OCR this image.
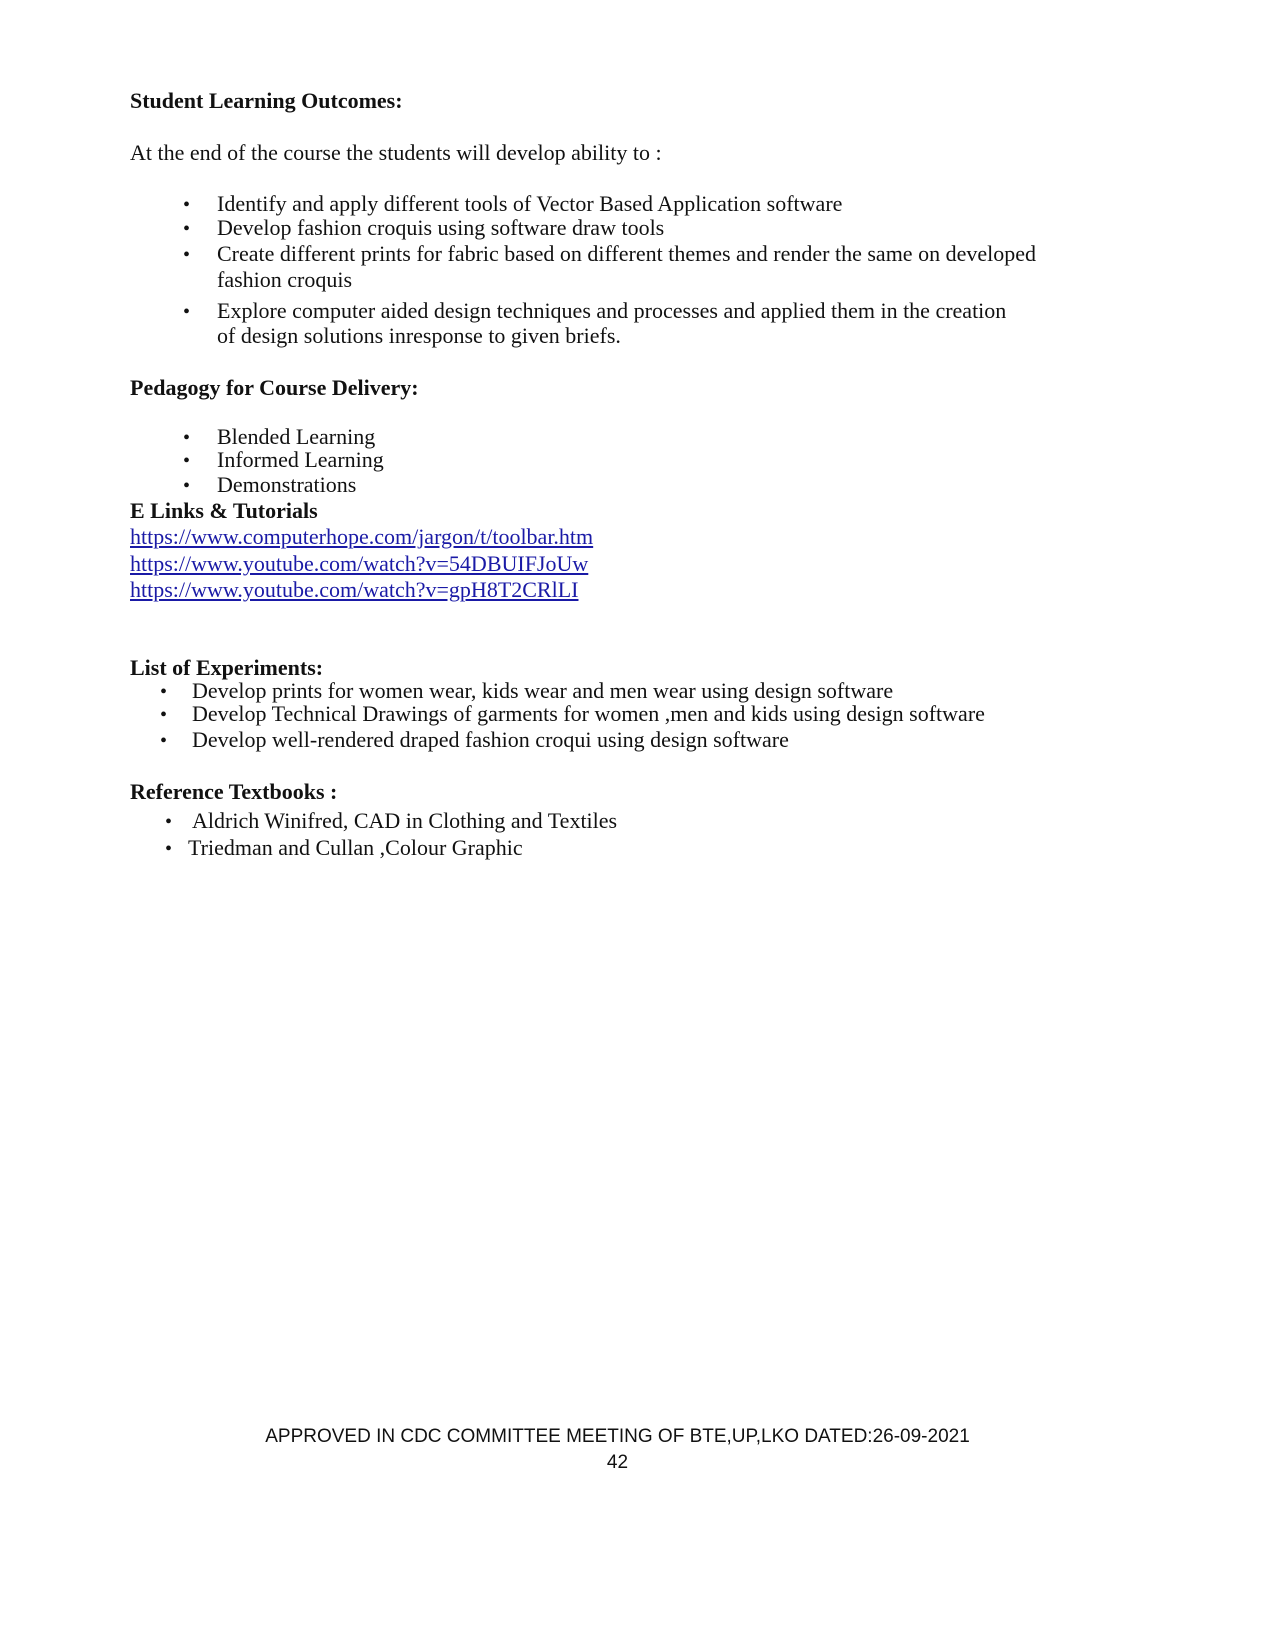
Student Learning Outcomes:
At the end of the course the students will develop ability to :
• Identify and apply different tools of Vector Based Application software
• Develop fashion croquis using software draw tools
• Create different prints for fabric based on different themes and render the same on developed
fashion croquis
• Explore computer aided design techniques and processes and applied them in the creation
of design solutions inresponse to given briefs.
Pedagogy for Course Delivery:
• Blended Learning
• Informed Learning
• Demonstrations
E Links & Tutorials
https://www.computerhope.com/jargon/t/toolbar.htm
https://www.youtube.com/watch?v=54DBUIFJoUw
https://www.youtube.com/watch?v=gpH8T2CRlLI
List of Experiments:
• Develop prints for women wear, kids wear and men wear using design software
• Develop Technical Drawings of garments for women ,men and kids using design software
• Develop well-rendered draped fashion croqui using design software
Reference Textbooks :
• Aldrich Winifred, CAD in Clothing and Textiles
• Triedman and Cullan ,Colour Graphic
APPROVED IN CDC COMMITTEE MEETING OF BTE,UP,LKO DATED:26-09-2021
42
